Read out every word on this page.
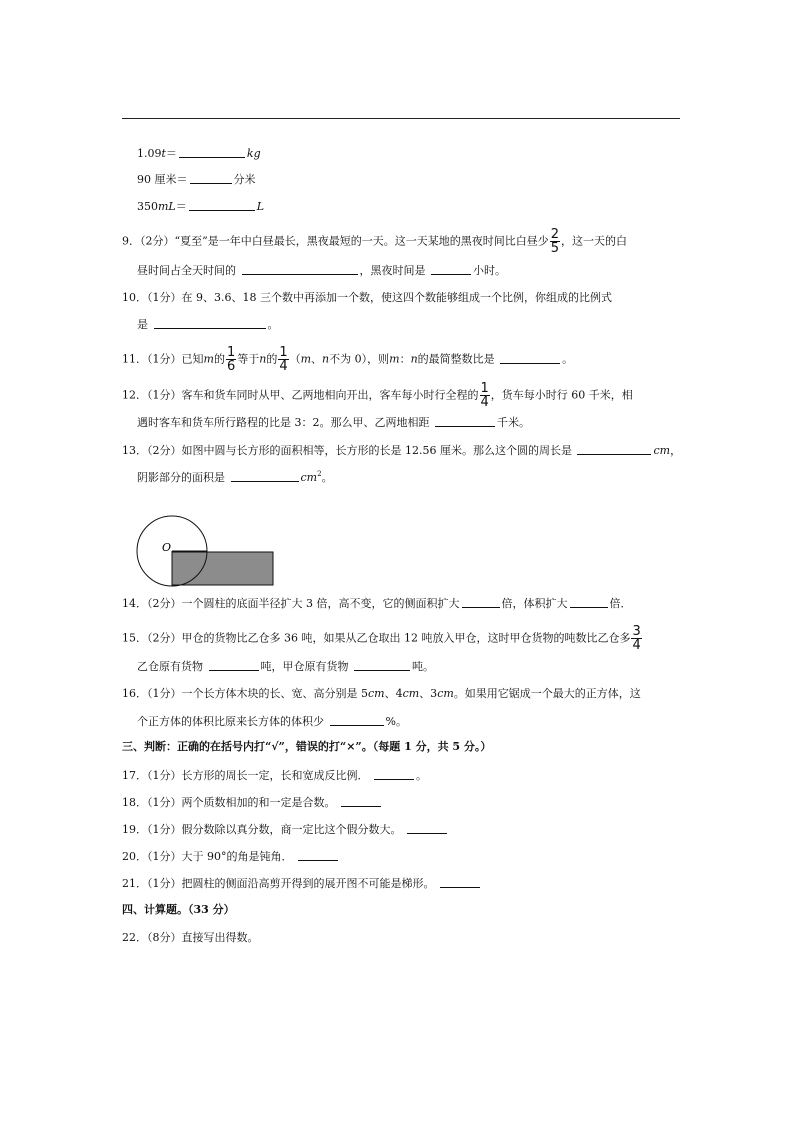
1.09t＝	kg
90 厘米＝	分米
350mL＝	L
9．（2分）“夏至”是一年中白昼最长，黑夜最短的一天。这一天某地的黑夜时间比白昼少 $\frac{2}{5}$ ，这一天的白
昼时间占全天时间的	，黑夜时间是	小时。
10．（1分）在 9、3.6、18 三个数中再添加一个数，使这四个数能够组成一个比例，你组成的比例式
是	。
11．（1分）已知m的 $\frac{1}{6}$ 等于n的 $\frac{1}{4} (m$、n不为 0），则m：n的最简整数比是	。
12．（1分）客车和货车同时从甲、乙两地相向开出，客车每小时行全程的 $\frac{1}{4}$ ，货车每小时行 60 千米，相
遇时客车和货车所行路程的比是 3：2。那么甲、乙两地相距	千米。
13．（2分）如图中圆与长方形的面积相等，长方形的长是 12.56 厘米。那么这个圆的周长是	cm，
阴影部分的面积是	$cm^2$。
O
14．（2分）一个圆柱的底面半径扩大 3 倍，高不变，它的侧面积扩大	倍，体积扩大	倍．
15．（2分）甲仓的货物比乙仓多 36 吨，如果从乙仓取出 12 吨放入甲仓，这时甲仓货物的吨数比乙仓多 $\frac{3}{4}$
乙仓原有货物	吨，甲仓原有货物	吨。
16．（1分）一个长方体木块的长、宽、高分别是 5cm、4cm、3cm。如果用它锯成一个最大的正方体，这
个正方体的体积比原来长方体的体积少	%。
三、判断：正确的在括号内打“√”，错误的打“×”。（每题 1 分，共 5 分。）
17．（1分）长方形的周长一定，长和宽成反比例．	。
18．（1分）两个质数相加的和一定是合数。
19．（1分）假分数除以真分数，商一定比这个假分数大。
20．（1分）大于 90°的角是钝角．
21．（1分）把圆柱的侧面沿高剪开得到的展开图不可能是梯形。
四、计算题。（33 分）
22．（8分）直接写出得数。
